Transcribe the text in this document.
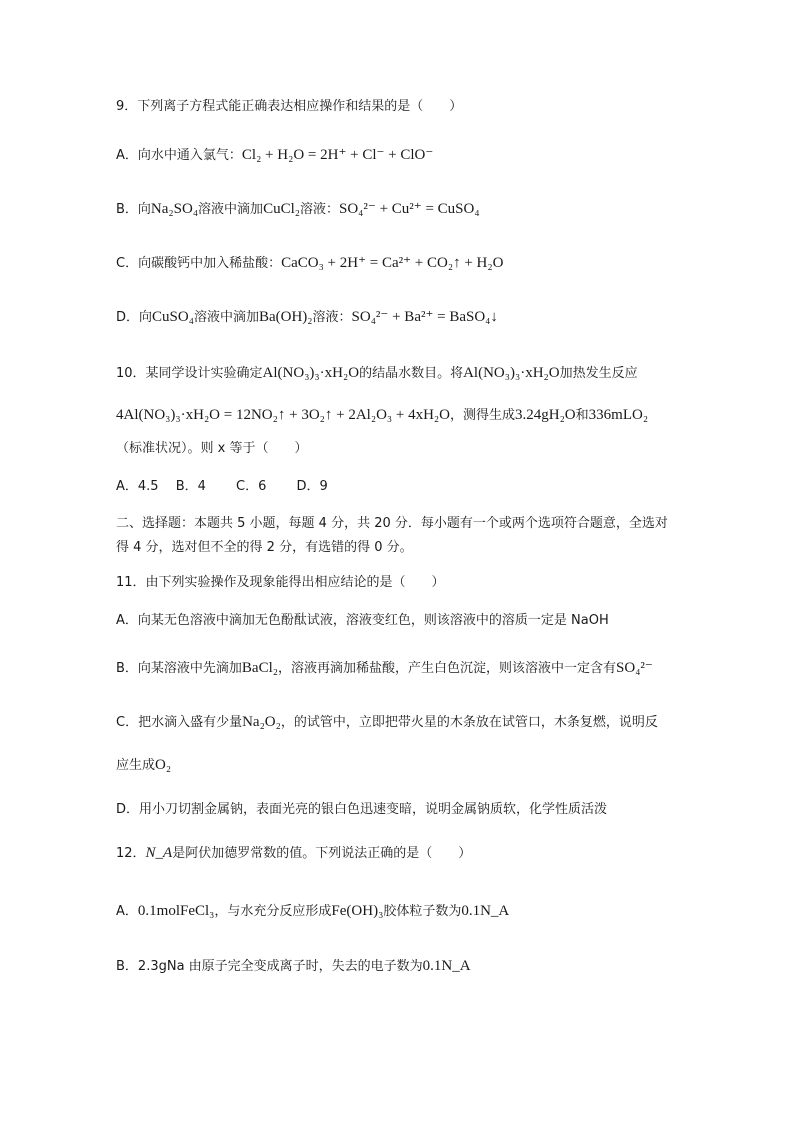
9．下列离子方程式能正确表达相应操作和结果的是（　　）
A．向水中通入氯气：Cl₂ + H₂O = 2H⁺ + Cl⁻ + ClO⁻
B．向Na₂SO₄溶液中滴加CuCl₂溶液：SO₄²⁻ + Cu²⁺ = CuSO₄
C．向碳酸钙中加入稀盐酸：CaCO₃ + 2H⁺ = Ca²⁺ + CO₂↑ + H₂O
D．向CuSO₄溶液中滴加Ba(OH)₂溶液：SO₄²⁻ + Ba²⁺ = BaSO₄↓
10．某同学设计实验确定Al(NO₃)₃·xH₂O的结晶水数目。将Al(NO₃)₃·xH₂O加热发生反应
4Al(NO₃)₃·xH₂O = 12NO₂↑ + 3O₂↑ + 2Al₂O₃ + 4xH₂O，测得生成3.24gH₂O和336mLO₂
（标准状况）。则 x 等于（　　）
A．4.5　 B．4　 　C．6　 　D．9
二、选择题：本题共 5 小题，每题 4 分，共 20 分．每小题有一个或两个选项符合题意，全选对
得 4 分，选对但不全的得 2 分，有选错的得 0 分。
11．由下列实验操作及现象能得出相应结论的是（　　）
A．向某无色溶液中滴加无色酚酞试液，溶液变红色，则该溶液中的溶质一定是 NaOH
B．向某溶液中先滴加BaCl₂，溶液再滴加稀盐酸，产生白色沉淀，则该溶液中一定含有SO₄²⁻
C．把水滴入盛有少量Na₂O₂，的试管中，立即把带火星的木条放在试管口，木条复燃，说明反
应生成O₂
D．用小刀切割金属钠，表面光亮的银白色迅速变暗，说明金属钠质软，化学性质活泼
12．N_A是阿伏加德罗常数的值。下列说法正确的是（　　）
A．0.1molFeCl₃，与水充分反应形成Fe(OH)₃胶体粒子数为0.1N_A
B．2.3gNa 由原子完全变成离子时，失去的电子数为0.1N_A
